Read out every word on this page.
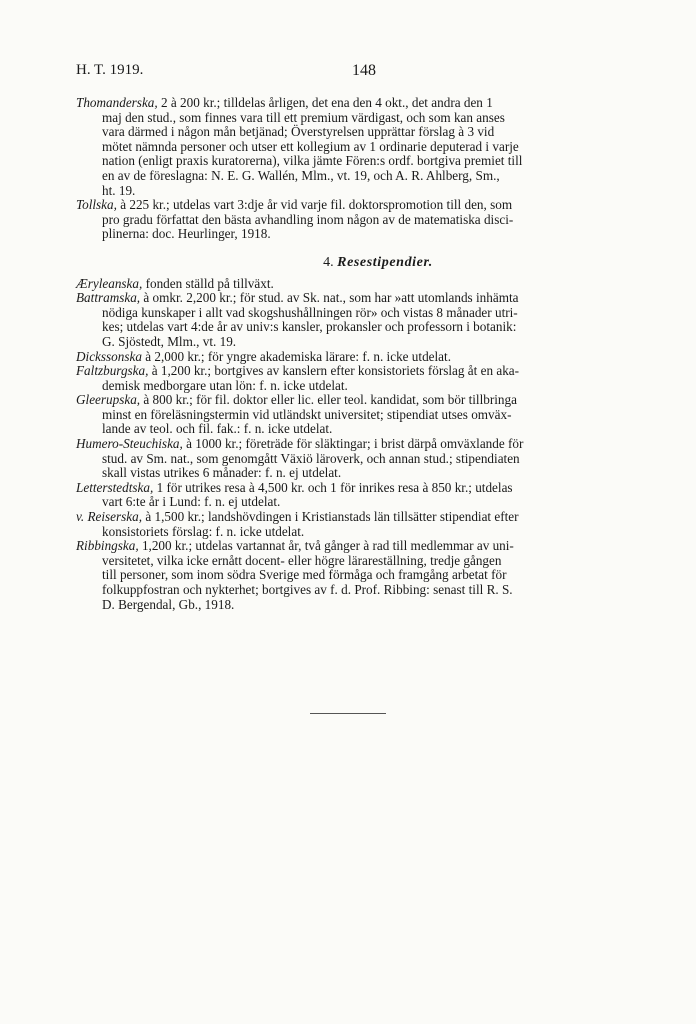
H. T. 1919.	148

Thomanderska, 2 à 200 kr.; tilldelas årligen, det ena den 4 okt., det andra den 1
maj den stud., som finnes vara till ett premium värdigast, och som kan anses
vara därmed i någon mån betjänad; Överstyrelsen upprättar förslag à 3 vid
mötet nämnda personer och utser ett kollegium av 1 ordinarie deputerad i varje
nation (enligt praxis kuratorerna), vilka jämte Fören:s ordf. bortgiva premiet till
en av de föreslagna: N. E. G. Wallén, Mlm., vt. 19, och A. R. Ahlberg, Sm.,
ht. 19.

Tollska, à 225 kr.; utdelas vart 3:dje år vid varje fil. doktorspromotion till den, som
pro gradu författat den bästa avhandling inom någon av de matematiska disci-
plinerna: doc. Heurlinger, 1918.

4. Resestipendier.

Æryleanska, fonden ställd på tillväxt.

Battramska, à omkr. 2,200 kr.; för stud. av Sk. nat., som har »att utomlands inhämta
nödiga kunskaper i allt vad skogshushållningen rör» och vistas 8 månader utri-
kes; utdelas vart 4:de år av univ:s kansler, prokansler och professorn i botanik:
G. Sjöstedt, Mlm., vt. 19.

Dickssonska à 2,000 kr.; för yngre akademiska lärare: f. n. icke utdelat.

Faltzburgska, à 1,200 kr.; bortgives av kanslern efter konsistoriets förslag åt en aka-
demisk medborgare utan lön: f. n. icke utdelat.

Gleerupska, à 800 kr.; för fil. doktor eller lic. eller teol. kandidat, som bör tillbringa
minst en föreläsningstermin vid utländskt universitet; stipendiat utses omväx-
lande av teol. och fil. fak.: f. n. icke utdelat.

Humero-Steuchiska, à 1000 kr.; företräde för släktingar; i brist därpå omväxlande för
stud. av Sm. nat., som genomgått Växiö läroverk, och annan stud.; stipendiaten
skall vistas utrikes 6 månader: f. n. ej utdelat.

Letterstedtska, 1 för utrikes resa à 4,500 kr. och 1 för inrikes resa à 850 kr.; utdelas
vart 6:te år i Lund: f. n. ej utdelat.

v. Reiserska, à 1,500 kr.; landshövdingen i Kristianstads län tillsätter stipendiat efter
konsistoriets förslag: f. n. icke utdelat.

Ribbingska, 1,200 kr.; utdelas vartannat år, två gånger à rad till medlemmar av uni-
versitetet, vilka icke ernått docent- eller högre lärareställning, tredje gången
till personer, som inom södra Sverige med förmåga och framgång arbetat för
folkuppfostran och nykterhet; bortgives av f. d. Prof. Ribbing: senast till R. S.
D. Bergendal, Gb., 1918.
